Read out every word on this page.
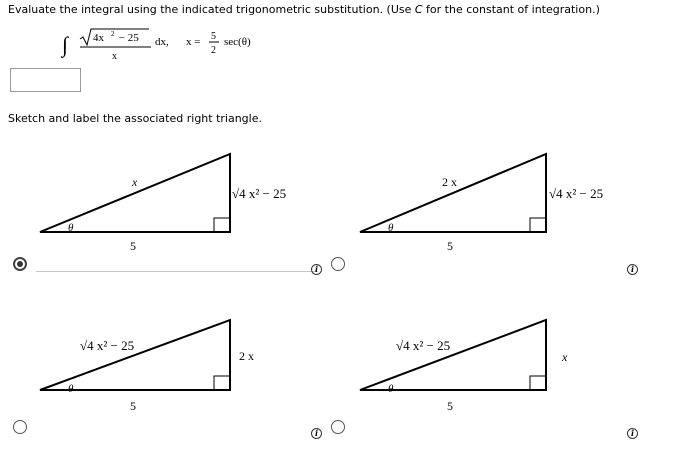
Evaluate the integral using the indicated trigonometric substitution. (Use C for the constant of integration.)
∫ 4x 2 − 25
x
dx, x = 5
2
sec(θ)
Sketch and label the associated right triangle.
x
√4 x² − 25
5
θ
i
2 x
√4 x² − 25
5
θ
i
√4 x² − 25
2 x
5
θ
i
√4 x² − 25
x
5
θ
i
